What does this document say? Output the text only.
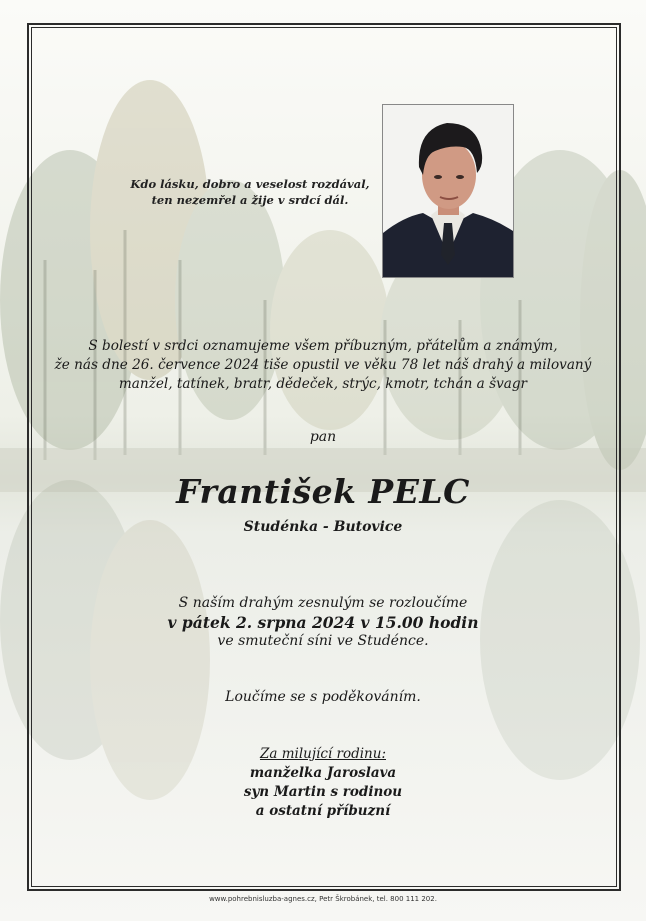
Kdo lásku, dobro a veselost rozdával,
ten nezemřel a žije v srdcí dál.
S bolestí v srdci oznamujeme všem příbuzným, přátelům a známým,
že nás dne 26. července 2024 tiše opustil ve věku 78 let náš drahý a milovaný
manžel, tatínek, bratr, dědeček, strýc, kmotr, tchán a švagr
pan
František PELC
Studénka - Butovice
S naším drahým zesnulým se rozloučíme
v pátek 2. srpna 2024 v 15.00 hodin
ve smuteční síni ve Studénce.
Loučíme se s poděkováním.
Za milující rodinu:
manželka Jaroslava
syn Martin s rodinou
a ostatní příbuzní
www.pohrebnisluzba-agnes.cz, Petr Škrobánek, tel. 800 111 202.
